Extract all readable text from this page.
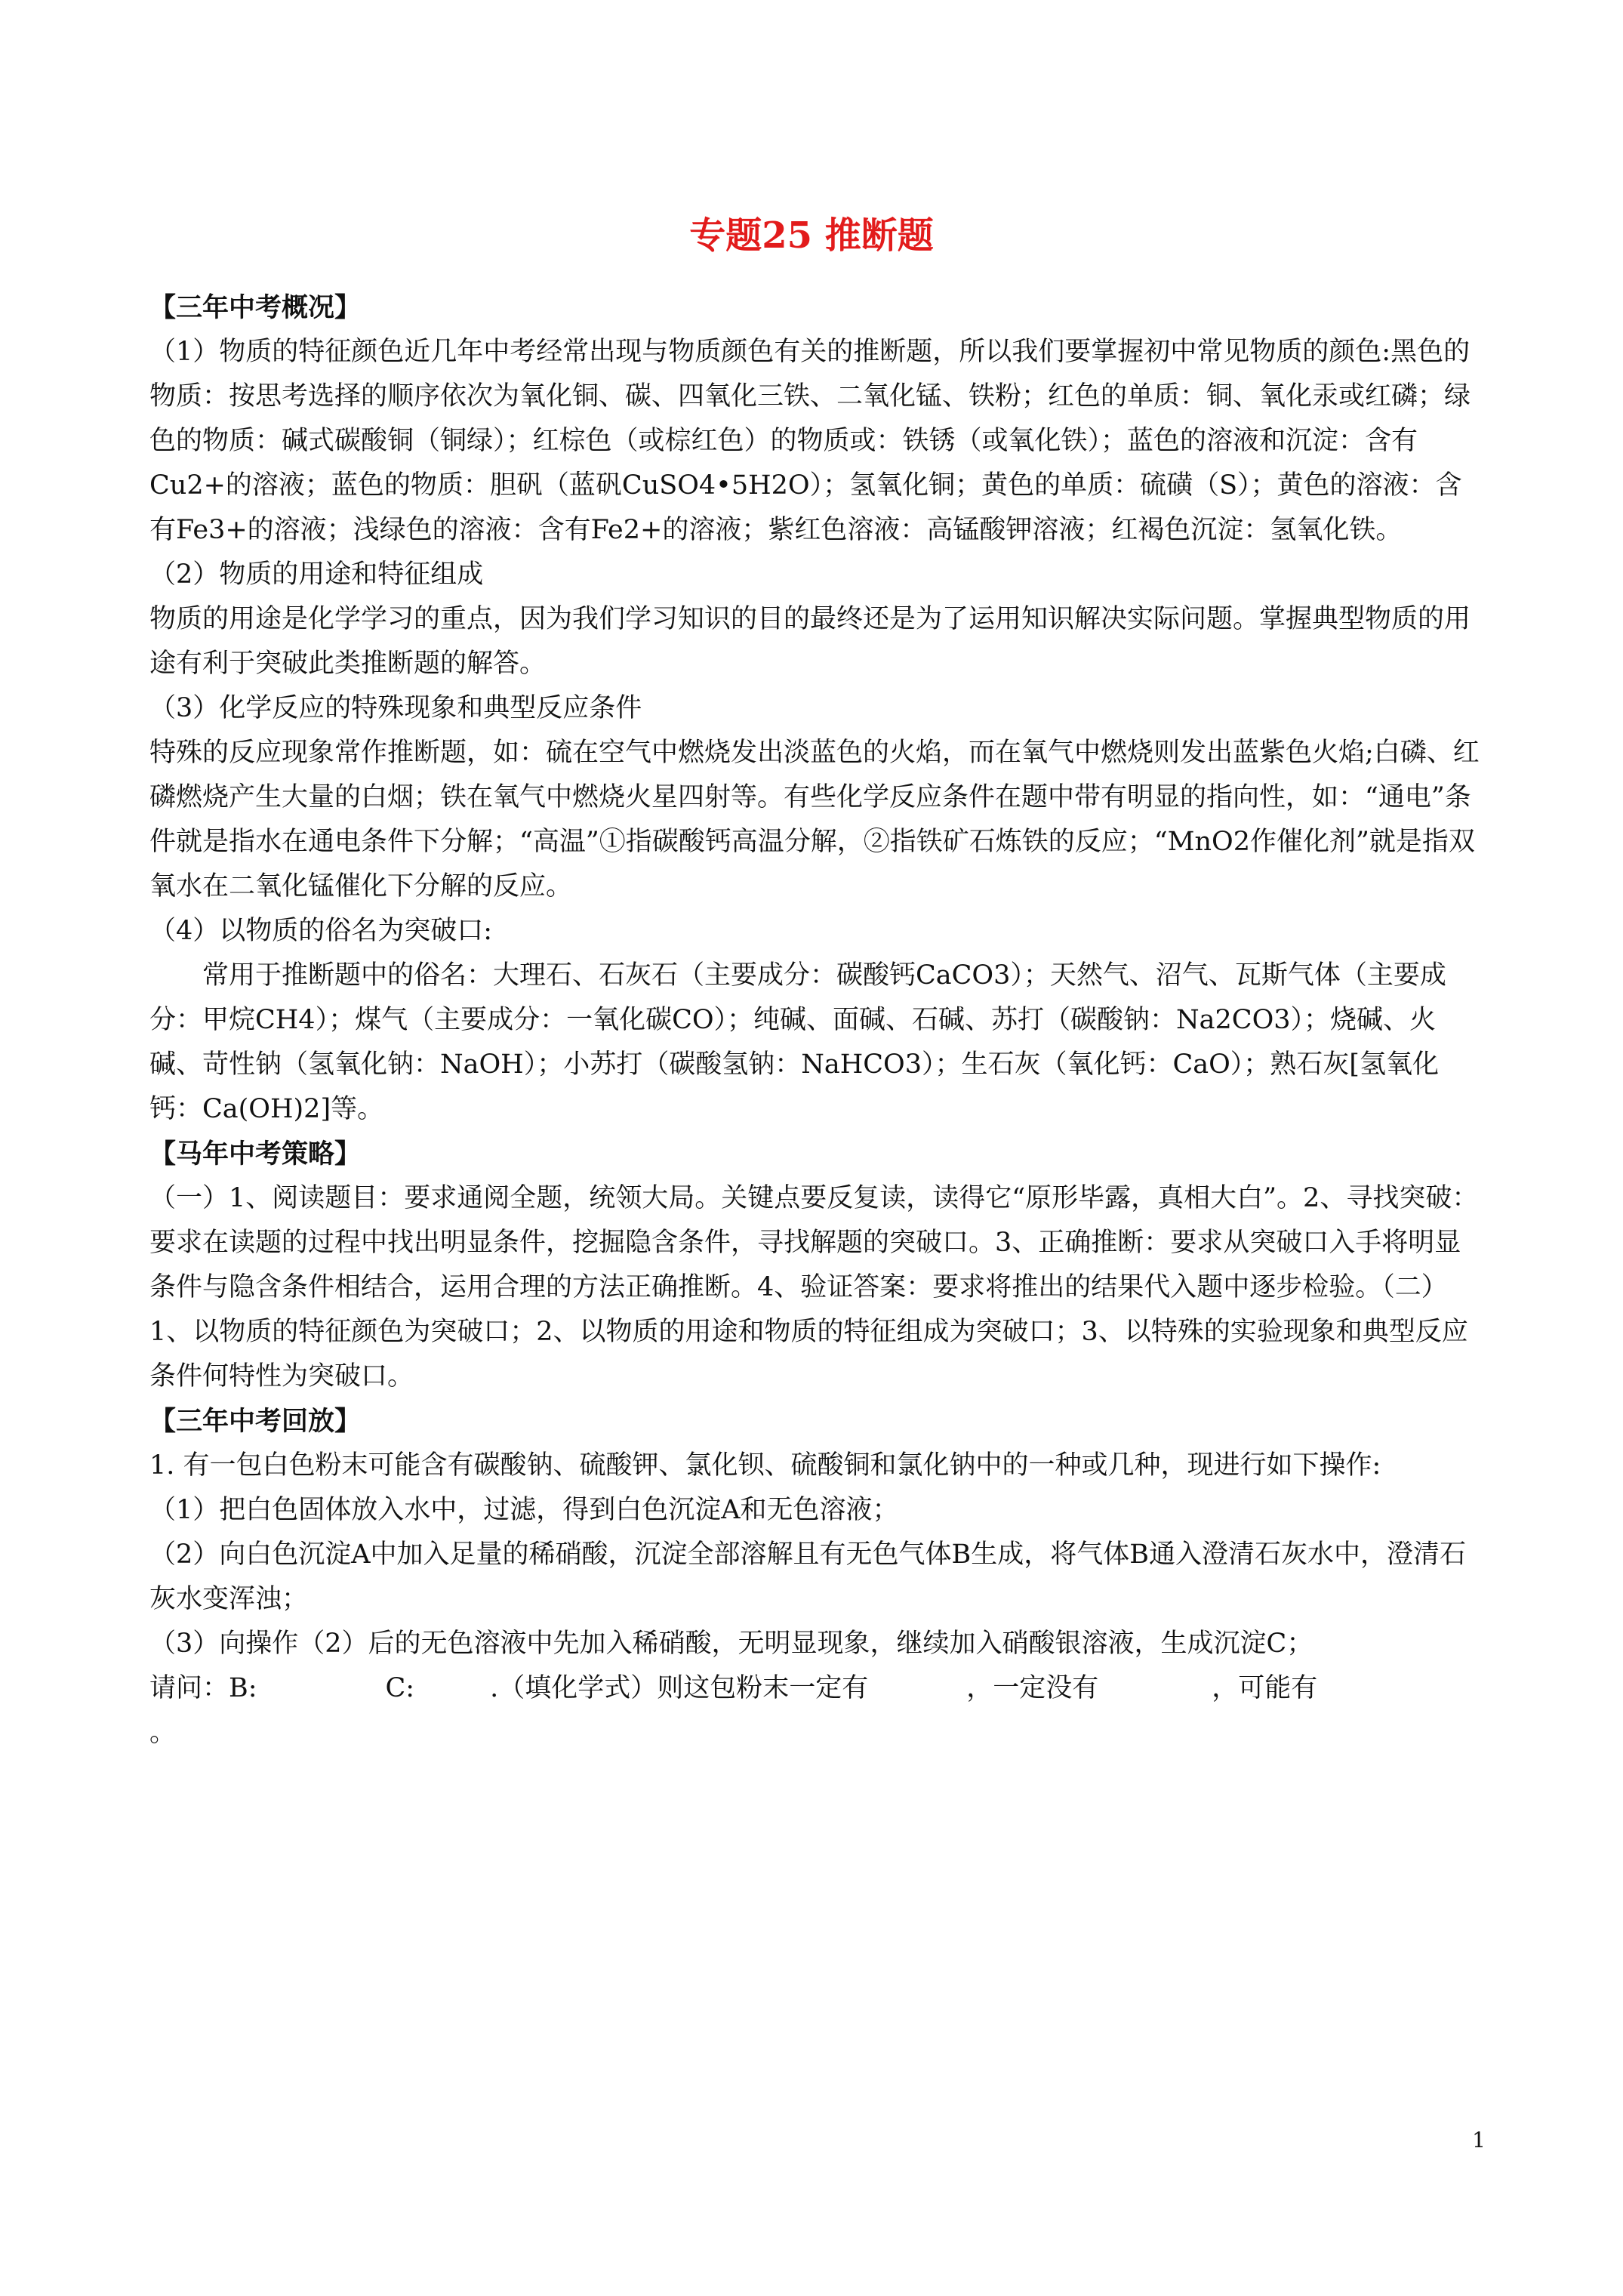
专题25 推断题

【三年中考概况】

（1）物质的特征颜色近几年中考经常出现与物质颜色有关的推断题，所以我们要掌握初中常见物质的颜色:黑色的物质：按思考选择的顺序依次为氧化铜、碳、四氧化三铁、二氧化锰、铁粉；红色的单质：铜、氧化汞或红磷；绿色的物质：碱式碳酸铜（铜绿）；红棕色（或棕红色）的物质或：铁锈（或氧化铁）；蓝色的溶液和沉淀：含有Cu2+的溶液；蓝色的物质：胆矾（蓝矾CuSO4•5H2O）；氢氧化铜；黄色的单质：硫磺（S）；黄色的溶液：含有Fe3+的溶液；浅绿色的溶液：含有Fe2+的溶液；紫红色溶液：高锰酸钾溶液；红褐色沉淀：氢氧化铁。

（2）物质的用途和特征组成

物质的用途是化学学习的重点，因为我们学习知识的目的最终还是为了运用知识解决实际问题。掌握典型物质的用途有利于突破此类推断题的解答。

（3）化学反应的特殊现象和典型反应条件

特殊的反应现象常作推断题，如：硫在空气中燃烧发出淡蓝色的火焰，而在氧气中燃烧则发出蓝紫色火焰;白磷、红磷燃烧产生大量的白烟；铁在氧气中燃烧火星四射等。有些化学反应条件在题中带有明显的指向性，如：“通电”条件就是指水在通电条件下分解；“高温”①指碳酸钙高温分解，②指铁矿石炼铁的反应；“MnO2作催化剂”就是指双氧水在二氧化锰催化下分解的反应。

（4）以物质的俗名为突破口:

常用于推断题中的俗名：大理石、石灰石（主要成分：碳酸钙CaCO3）；天然气、沼气、瓦斯气体（主要成分：甲烷CH4）；煤气（主要成分：一氧化碳CO）；纯碱、面碱、石碱、苏打（碳酸钠：Na2CO3）；烧碱、火碱、苛性钠（氢氧化钠：NaOH）；小苏打（碳酸氢钠：NaHCO3）；生石灰（氧化钙：CaO）；熟石灰[氢氧化钙：Ca(OH)2]等。

【马年中考策略】

（一）1、阅读题目：要求通阅全题，统领大局。关键点要反复读，读得它“原形毕露，真相大白”。2、寻找突破：要求在读题的过程中找出明显条件，挖掘隐含条件，寻找解题的突破口。3、正确推断：要求从突破口入手将明显条件与隐含条件相结合，运用合理的方法正确推断。4、验证答案：要求将推出的结果代入题中逐步检验。（二）1、以物质的特征颜色为突破口；2、以物质的用途和物质的特征组成为突破口；3、以特殊的实验现象和典型反应条件何特性为突破口。

【三年中考回放】

1. 有一包白色粉末可能含有碳酸钠、硫酸钾、氯化钡、硫酸铜和氯化钠中的一种或几种，现进行如下操作:

（1）把白色固体放入水中，过滤，得到白色沉淀A和无色溶液；

（2）向白色沉淀A中加入足量的稀硝酸，沉淀全部溶解且有无色气体B生成，将气体B通入澄清石灰水中，澄清石灰水变浑浊；

（3）向操作（2）后的无色溶液中先加入稀硝酸，无明显现象，继续加入硝酸银溶液，生成沉淀C；

请问：B:	C:	.（填化学式）则这包粉末一定有	，一定没有	，可能有

。

1
